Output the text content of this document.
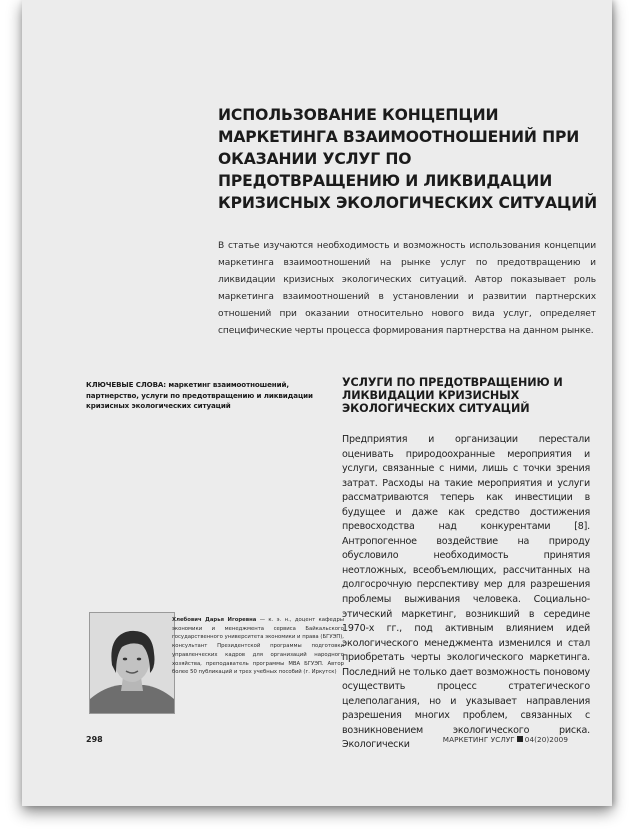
ИСПОЛЬЗОВАНИЕ КОНЦЕПЦИИ МАРКЕТИНГА ВЗАИМООТНОШЕНИЙ ПРИ ОКАЗАНИИ УСЛУГ ПО ПРЕДОТВРАЩЕНИЮ И ЛИКВИДАЦИИ КРИЗИСНЫХ ЭКОЛОГИЧЕСКИХ СИТУАЦИЙ

В статье изучаются необходимость и возможность использования концепции маркетинга взаимоотношений на рынке услуг по предотвращению и ликвидации кризисных экологических ситуаций. Автор показывает роль маркетинга взаимоотношений в установлении и развитии партнерских отношений при оказании относительно нового вида услуг, определяет специфические черты процесса формирования партнерства на данном рынке.

КЛЮЧЕВЫЕ СЛОВА: маркетинг взаимоотношений, партнерство, услуги по предотвращению и ликвидации кризисных экологических ситуаций

УСЛУГИ ПО ПРЕДОТВРАЩЕНИЮ И ЛИКВИДАЦИИ КРИЗИСНЫХ ЭКОЛОГИЧЕСКИХ СИТУАЦИЙ

Предприятия и организации перестали оценивать природоохранные мероприятия и услуги, связанные с ними, лишь с точки зрения затрат. Расходы на такие мероприятия и услуги рассматриваются теперь как инвестиции в будущее и даже как средство достижения превосходства над конкурентами [8]. Антропогенное воздействие на природу обусловило необходимость принятия неотложных, всеобъемлющих, рассчитанных на долгосрочную перспективу мер для разрешения проблемы выживания человека. Социально-этический маркетинг, возникший в середине 1970-х гг., под активным влиянием идей экологического менеджмента изменился и стал приобретать черты экологического маркетинга. Последний не только дает возможность поновому осуществить процесс стратегического целеполагания, но и указывает направления разрешения многих проблем, связанных с возникновением экологического риска. Экологически

Хлебович Дарья Игоревна — к. э. н., доцент кафедры экономики и менеджмента сервиса Байкальского государственного университета экономики и права (БГУЭП), консультант Президентской программы подготовки управленческих кадров для организаций народного хозяйства, преподаватель программы MBA БГУЭП. Автор более 50 публикаций и трех учебных пособий (г. Иркутск)

298	МАРКЕТИНГ УСЛУГ 04(20)2009
